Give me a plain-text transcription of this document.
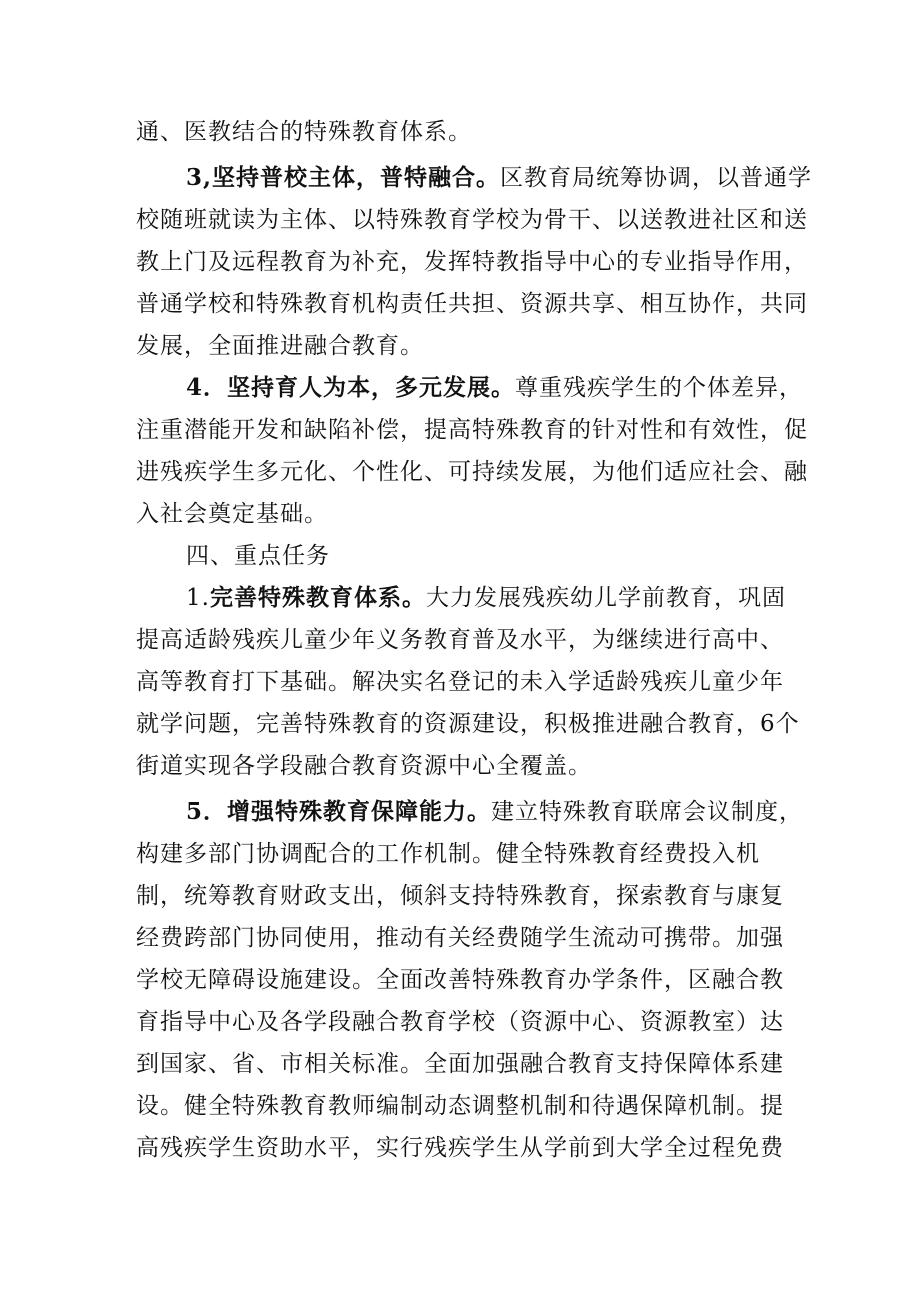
通、医教结合的特殊教育体系。
3,坚持普校主体，普特融合。区教育局统筹协调，以普通学
校随班就读为主体、以特殊教育学校为骨干、以送教进社区和送
教上门及远程教育为补充，发挥特教指导中心的专业指导作用，
普通学校和特殊教育机构责任共担、资源共享、相互协作，共同
发展，全面推进融合教育。
4．坚持育人为本，多元发展。尊重残疾学生的个体差异，
注重潜能开发和缺陷补偿，提高特殊教育的针对性和有效性，促
进残疾学生多元化、个性化、可持续发展，为他们适应社会、融
入社会奠定基础。
四、重点任务
1.完善特殊教育体系。大力发展残疾幼儿学前教育，巩固
提高适龄残疾儿童少年义务教育普及水平，为继续进行高中、
高等教育打下基础。解决实名登记的未入学适龄残疾儿童少年
就学问题，完善特殊教育的资源建设，积极推进融合教育，6个
街道实现各学段融合教育资源中心全覆盖。
5．增强特殊教育保障能力。建立特殊教育联席会议制度，
构建多部门协调配合的工作机制。健全特殊教育经费投入机
制，统筹教育财政支出，倾斜支持特殊教育，探索教育与康复
经费跨部门协同使用，推动有关经费随学生流动可携带。加强
学校无障碍设施建设。全面改善特殊教育办学条件，区融合教
育指导中心及各学段融合教育学校（资源中心、资源教室）达
到国家、省、市相关标准。全面加强融合教育支持保障体系建
设。健全特殊教育教师编制动态调整机制和待遇保障机制。提
高残疾学生资助水平，实行残疾学生从学前到大学全过程免费
